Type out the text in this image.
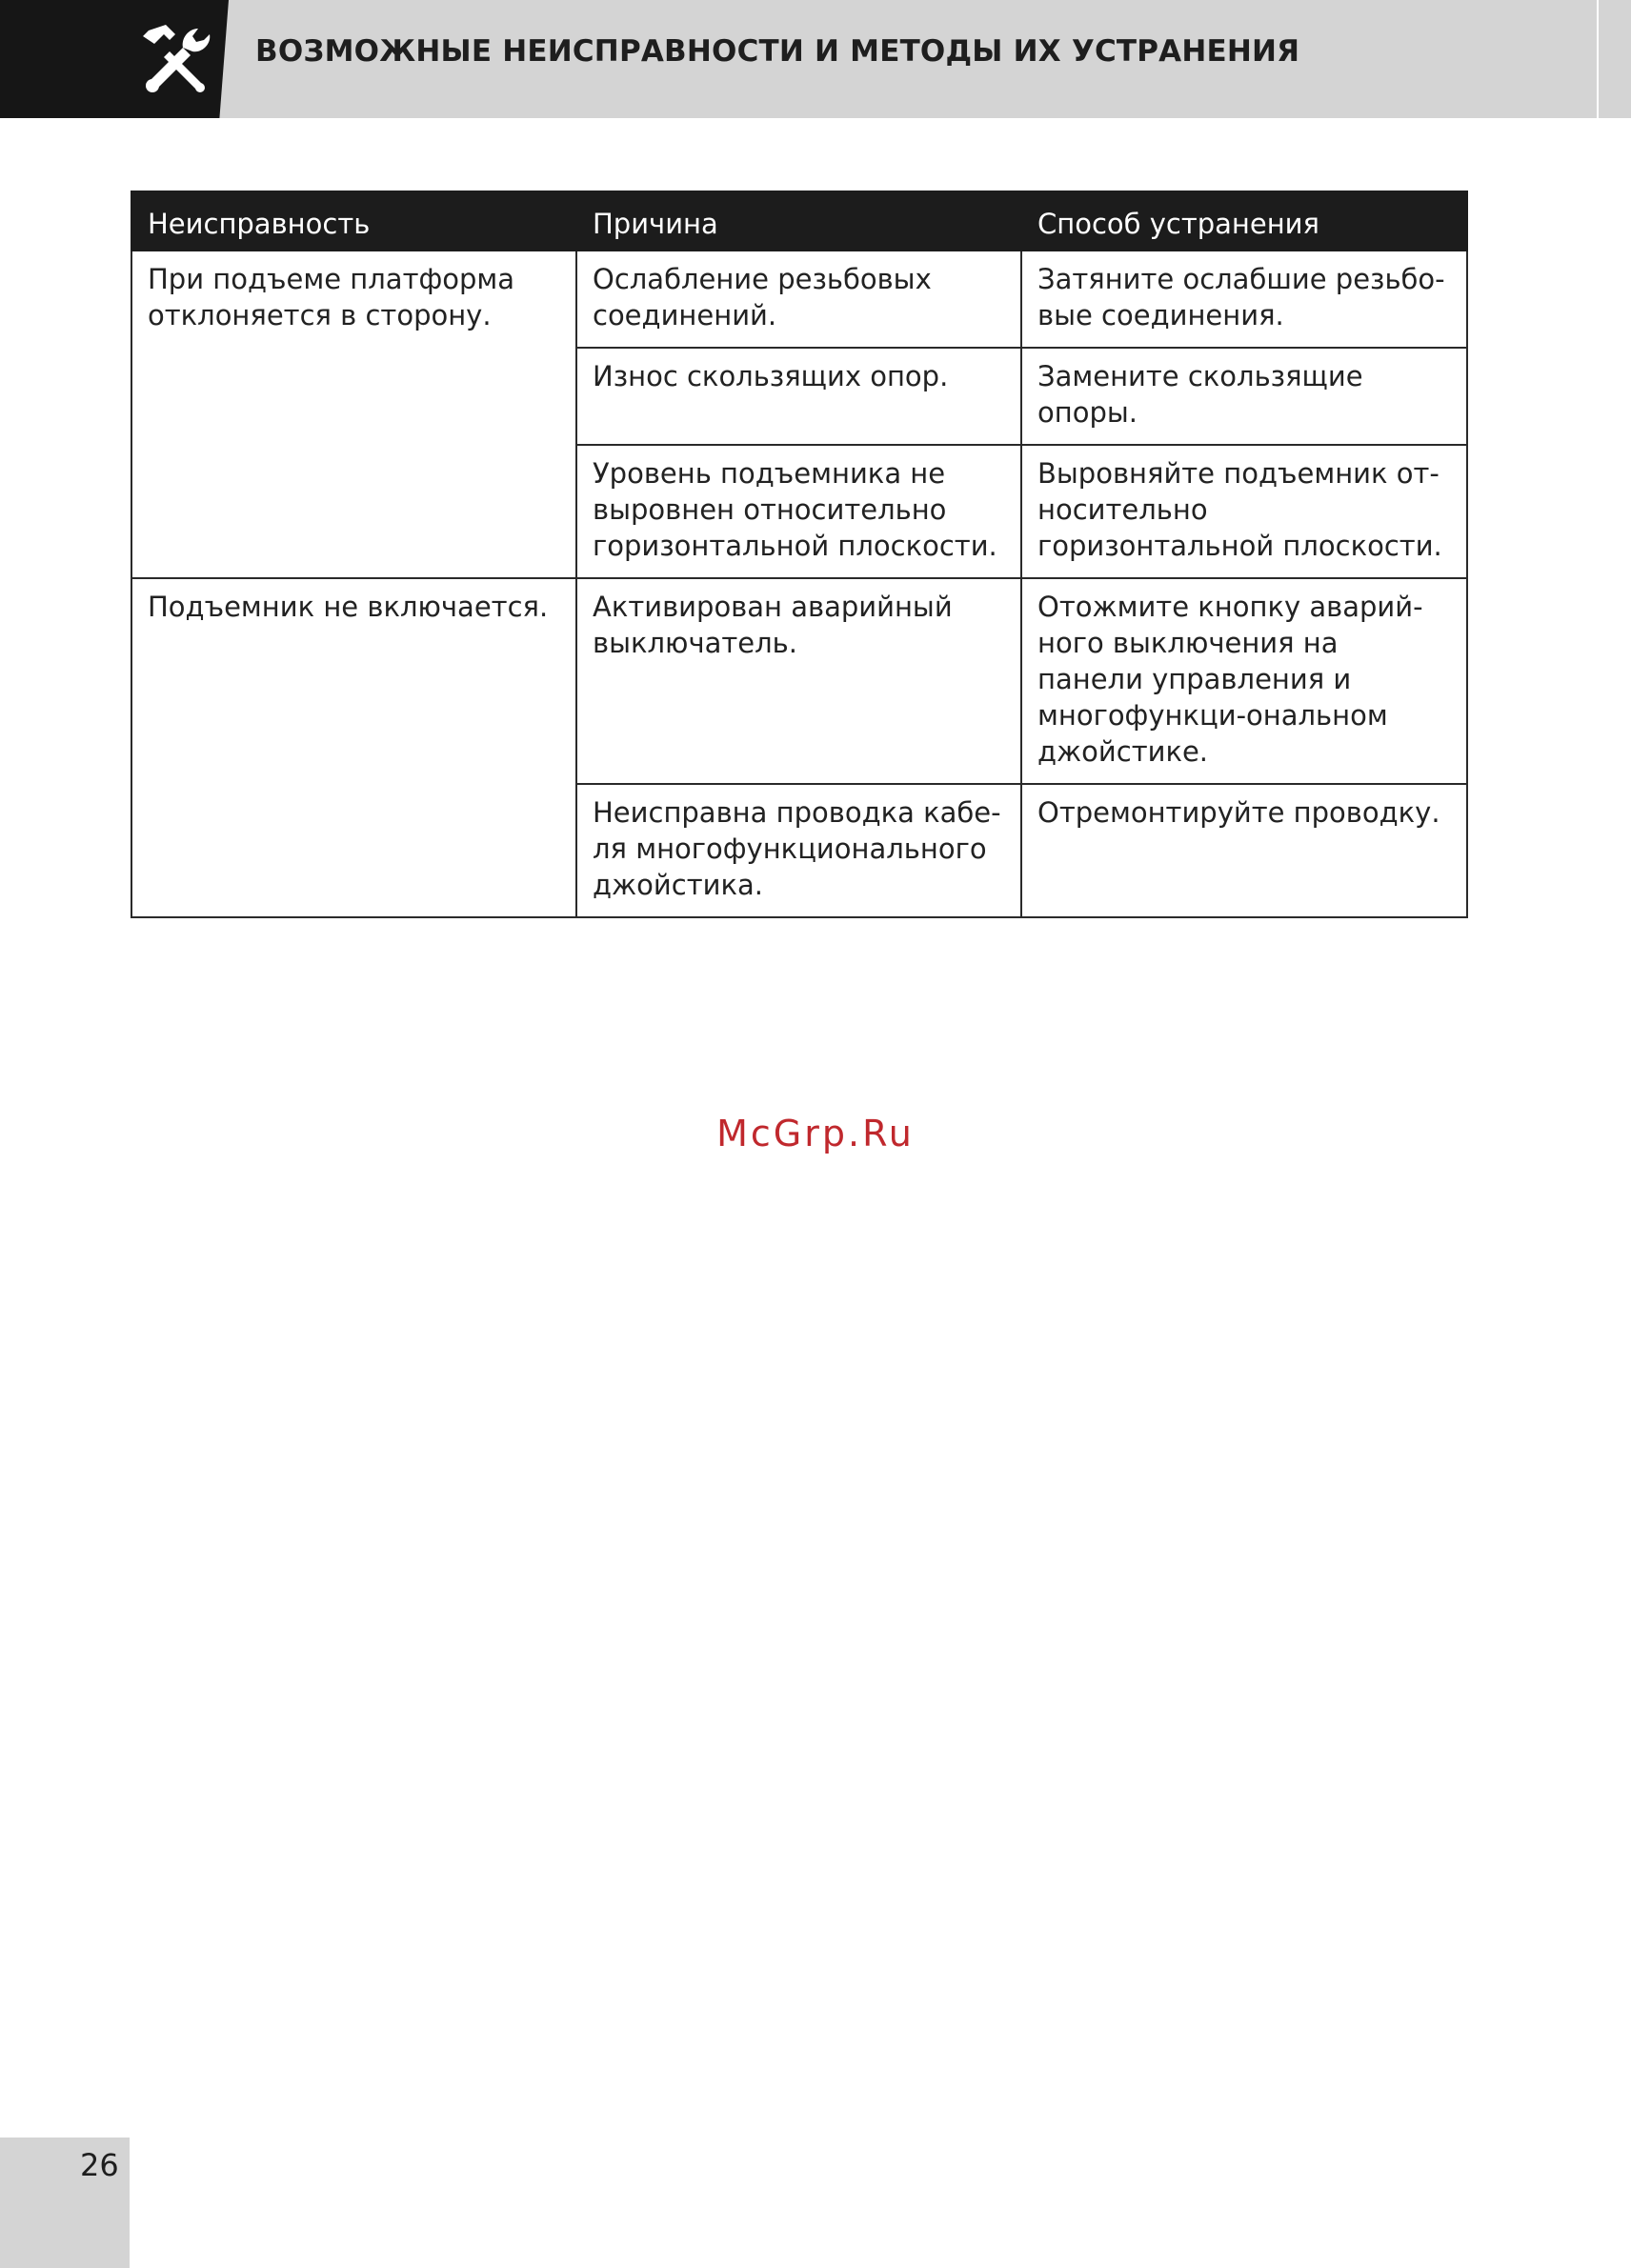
ВОЗМОЖНЫЕ НЕИСПРАВНОСТИ И МЕТОДЫ ИХ УСТРАНЕНИЯ
Неисправность	Причина	Способ устранения
При подъеме платформа отклоняется в сторону.	Ослабление резьбовых соединений.	Затяните ослабшие резьбо-вые соединения.
	Износ скользящих опор.	Замените скользящие опоры.
	Уровень подъемника не выровнен относительно горизонтальной плоскости.	Выровняйте подъемник от-носительно горизонтальной плоскости.
Подъемник не включается.	Активирован аварийный выключатель.	Отожмите кнопку аварий-ного выключения на панели управления и многофункци-ональном джойстике.
	Неисправна проводка кабе-ля многофункционального джойстика.	Отремонтируйте проводку.
McGrp.Ru
26
